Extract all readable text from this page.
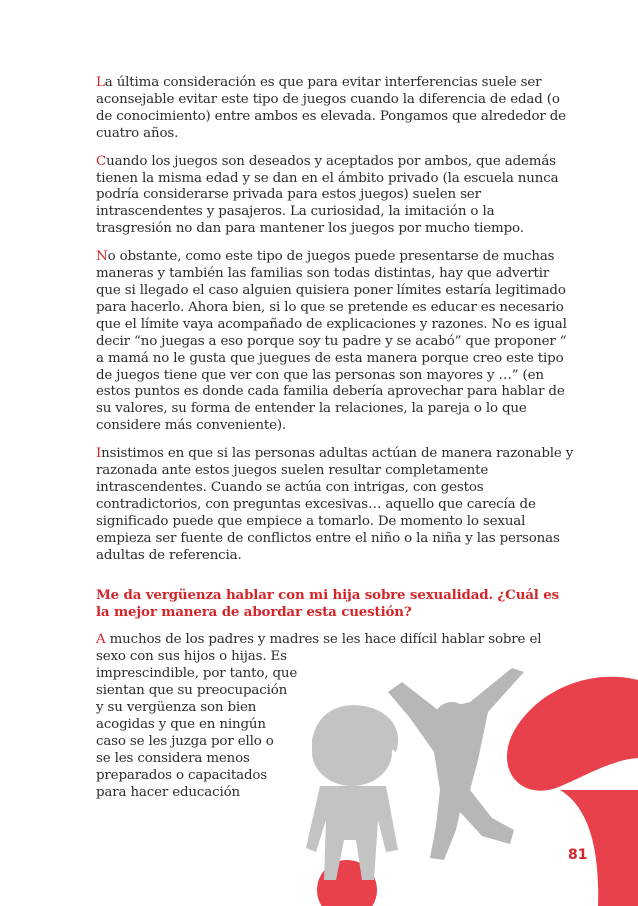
La última consideración es que para evitar interferencias suele ser aconsejable evitar este tipo de juegos cuando la diferencia de edad (o de conocimiento) entre ambos es elevada. Pongamos que alrededor de cuatro años.

Cuando los juegos son deseados y aceptados por ambos, que además tienen la misma edad y se dan en el ámbito privado (la escuela nunca podría considerarse privada para estos juegos) suelen ser intrascendentes y pasajeros. La curiosidad, la imitación o la trasgresión no dan para mantener los juegos por mucho tiempo.

No obstante, como este tipo de juegos puede presentarse de muchas maneras y también las familias son todas distintas, hay que advertir que si llegado el caso alguien quisiera poner límites estaría legitimado para hacerlo. Ahora bien, si lo que se pretende es educar es necesario que el límite vaya acompañado de explicaciones y razones. No es igual decir “no juegas a eso porque soy tu padre y se acabó” que proponer “ a mamá no le gusta que juegues de esta manera porque creo este tipo de juegos tiene que ver con que las personas son mayores y …” (en estos puntos es donde cada familia debería aprovechar para hablar de su valores, su forma de entender la relaciones, la pareja o lo que considere más conveniente).

Insistimos en que si las personas adultas actúan de manera razonable y razonada ante estos juegos suelen resultar completamente intrascendentes. Cuando se actúa con intrigas, con gestos contradictorios, con preguntas excesivas… aquello que carecía de significado puede que empiece a tomarlo. De momento lo sexual empieza ser fuente de conflictos entre el niño o la niña y las personas adultas de referencia.

Me da vergüenza hablar con mi hija sobre sexualidad. ¿Cuál es la mejor manera de abordar esta cuestión?
A muchos de los padres y madres se les hace difícil hablar sobre el
sexo con sus hijos o hijas. Es
imprescindible, por tanto, que
sientan que su preocupación
y su vergüenza son bien
acogidas y que en ningún
caso se les juzga por ello o
se les considera menos
preparados o capacitados
para hacer educación
81
